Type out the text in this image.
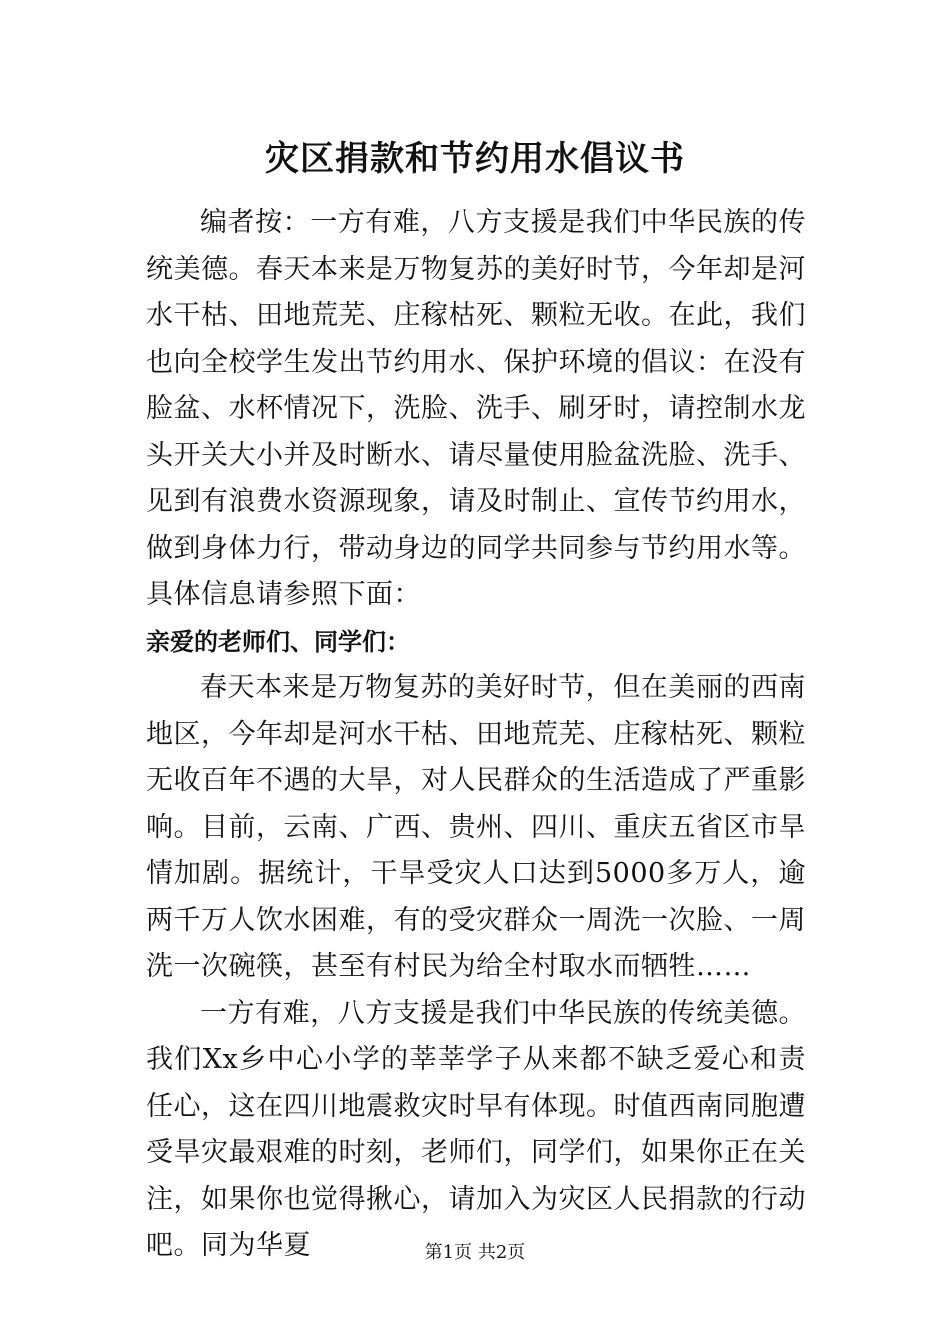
灾区捐款和节约用水倡议书

编者按：一方有难，八方支援是我们中华民族的传统美德。春天本来是万物复苏的美好时节，今年却是河水干枯、田地荒芜、庄稼枯死、颗粒无收。在此，我们也向全校学生发出节约用水、保护环境的倡议：在没有脸盆、水杯情况下，洗脸、洗手、刷牙时，请控制水龙头开关大小并及时断水、请尽量使用脸盆洗脸、洗手、见到有浪费水资源现象，请及时制止、宣传节约用水，做到身体力行，带动身边的同学共同参与节约用水等。具体信息请参照下面：

亲爱的老师们、同学们：

春天本来是万物复苏的美好时节，但在美丽的西南地区，今年却是河水干枯、田地荒芜、庄稼枯死、颗粒无收百年不遇的大旱，对人民群众的生活造成了严重影响。目前，云南、广西、贵州、四川、重庆五省区市旱情加剧。据统计，干旱受灾人口达到5000多万人，逾两千万人饮水困难，有的受灾群众一周洗一次脸、一周洗一次碗筷，甚至有村民为给全村取水而牺牲……

一方有难，八方支援是我们中华民族的传统美德。我们Xx乡中心小学的莘莘学子从来都不缺乏爱心和责任心，这在四川地震救灾时早有体现。时值西南同胞遭受旱灾最艰难的时刻，老师们，同学们，如果你正在关注，如果你也觉得揪心，请加入为灾区人民捐款的行动吧。同为华夏	第1页 共2页
